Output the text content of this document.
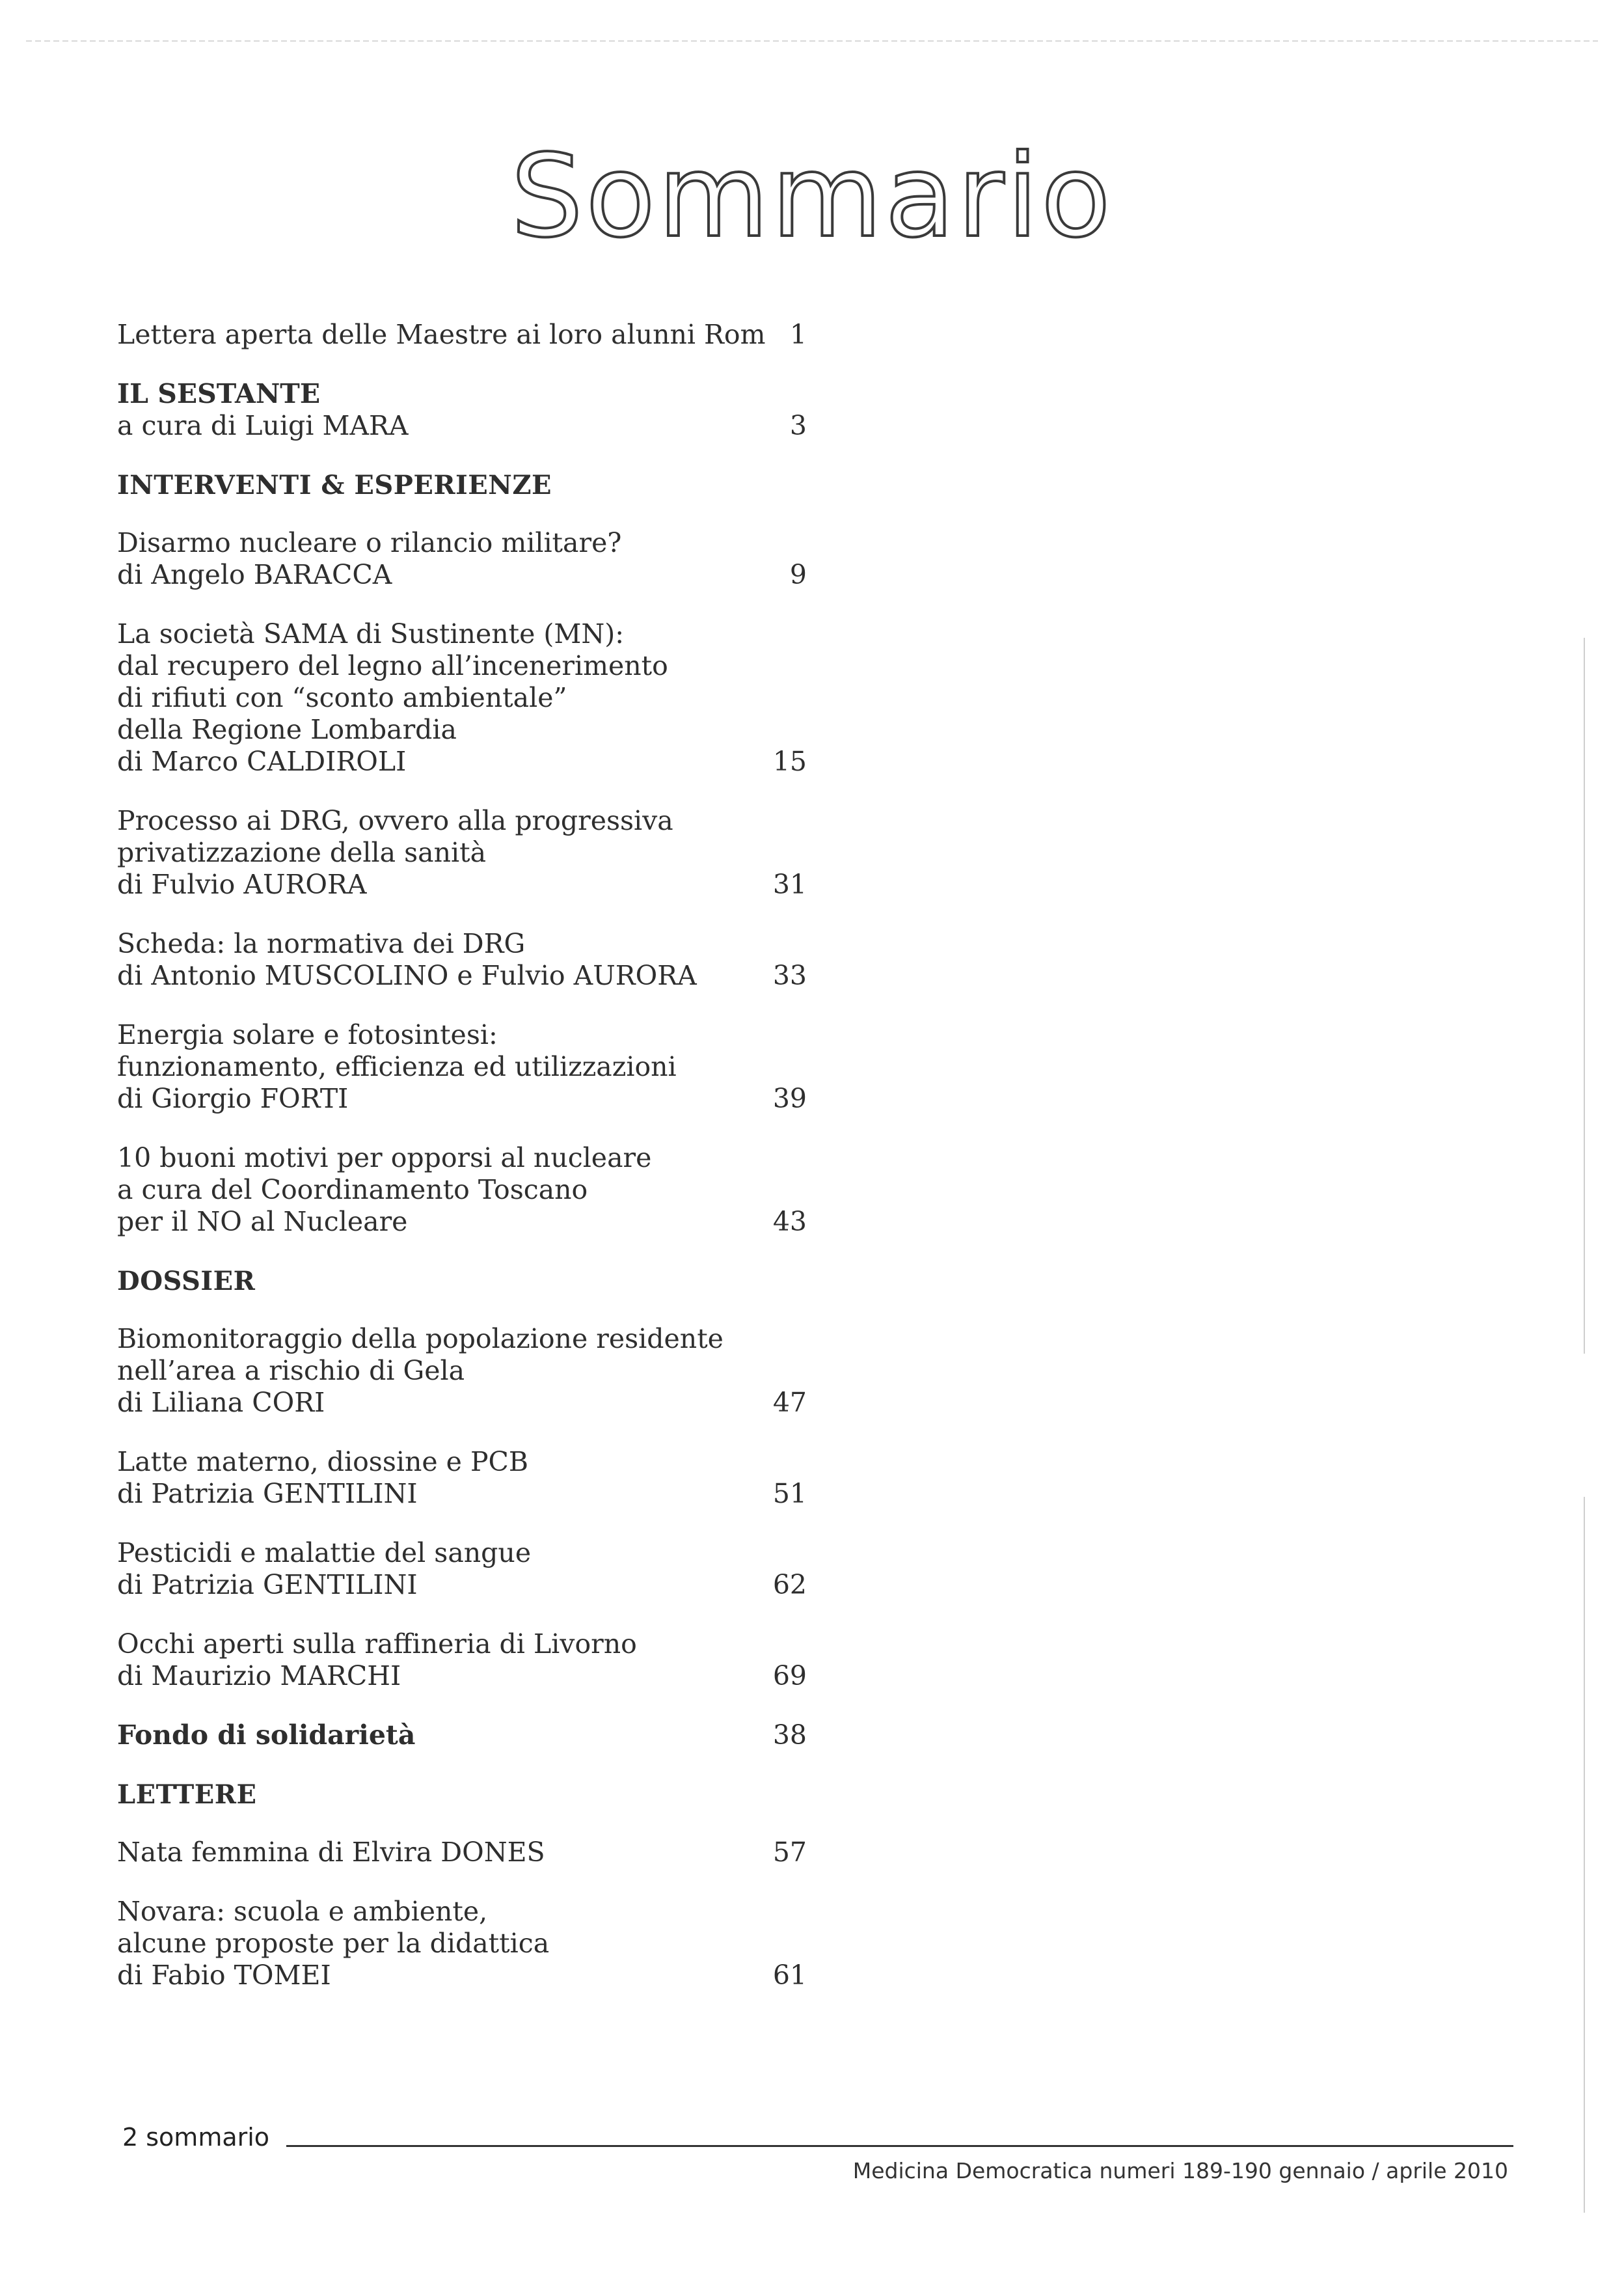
Sommario
Lettera aperta delle Maestre ai loro alunni Rom 1
IL SESTANTE
a cura di Luigi MARA	3
INTERVENTI & ESPERIENZE
Disarmo nucleare o rilancio militare?
di Angelo BARACCA	9
La società SAMA di Sustinente (MN):
dal recupero del legno all’incenerimento
di rifiuti con “sconto ambientale”
della Regione Lombardia
di Marco CALDIROLI	15
Processo ai DRG, ovvero alla progressiva
privatizzazione della sanità
di Fulvio AURORA	31
Scheda: la normativa dei DRG
di Antonio MUSCOLINO e Fulvio AURORA	33
Energia solare e fotosintesi:
funzionamento, efficienza ed utilizzazioni
di Giorgio FORTI	39
10 buoni motivi per opporsi al nucleare
a cura del Coordinamento Toscano
per il NO al Nucleare	43
DOSSIER
Biomonitoraggio della popolazione residente
nell’area a rischio di Gela
di Liliana CORI	47
Latte materno, diossine e PCB
di Patrizia GENTILINI	51
Pesticidi e malattie del sangue
di Patrizia GENTILINI	62
Occhi aperti sulla raffineria di Livorno
di Maurizio MARCHI	69
Fondo di solidarietà	38
LETTERE
Nata femmina di Elvira DONES	57
Novara: scuola e ambiente,
alcune proposte per la didattica
di Fabio TOMEI	61
2 sommario
Medicina Democratica numeri 189-190 gennaio / aprile 2010
